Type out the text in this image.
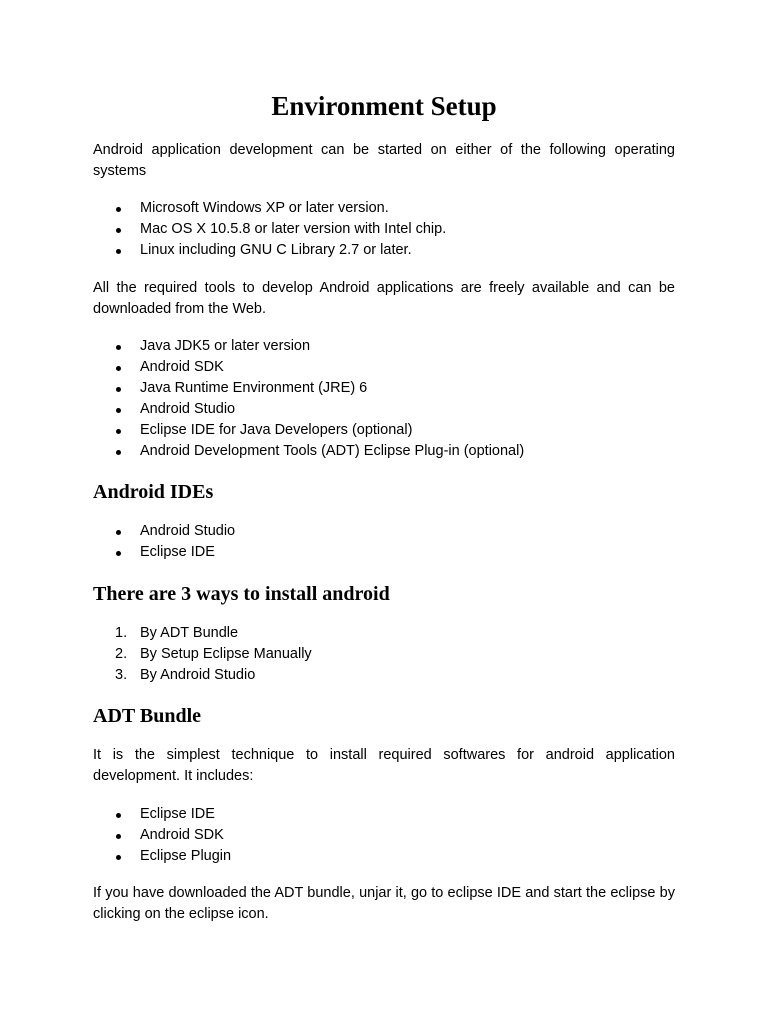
Environment Setup

Android application development can be started on either of the following operating systems

Microsoft Windows XP or later version.
Mac OS X 10.5.8 or later version with Intel chip.
Linux including GNU C Library 2.7 or later.

All the required tools to develop Android applications are freely available and can be downloaded from the Web.

Java JDK5 or later version
Android SDK
Java Runtime Environment (JRE) 6
Android Studio
Eclipse IDE for Java Developers (optional)
Android Development Tools (ADT) Eclipse Plug-in (optional)
Android IDEs
Android Studio
Eclipse IDE
There are 3 ways to install android
1. By ADT Bundle
2. By Setup Eclipse Manually
3. By Android Studio
ADT Bundle

It is the simplest technique to install required softwares for android application development. It includes:

Eclipse IDE
Android SDK
Eclipse Plugin

If you have downloaded the ADT bundle, unjar it, go to eclipse IDE and start the eclipse by clicking on the eclipse icon.
